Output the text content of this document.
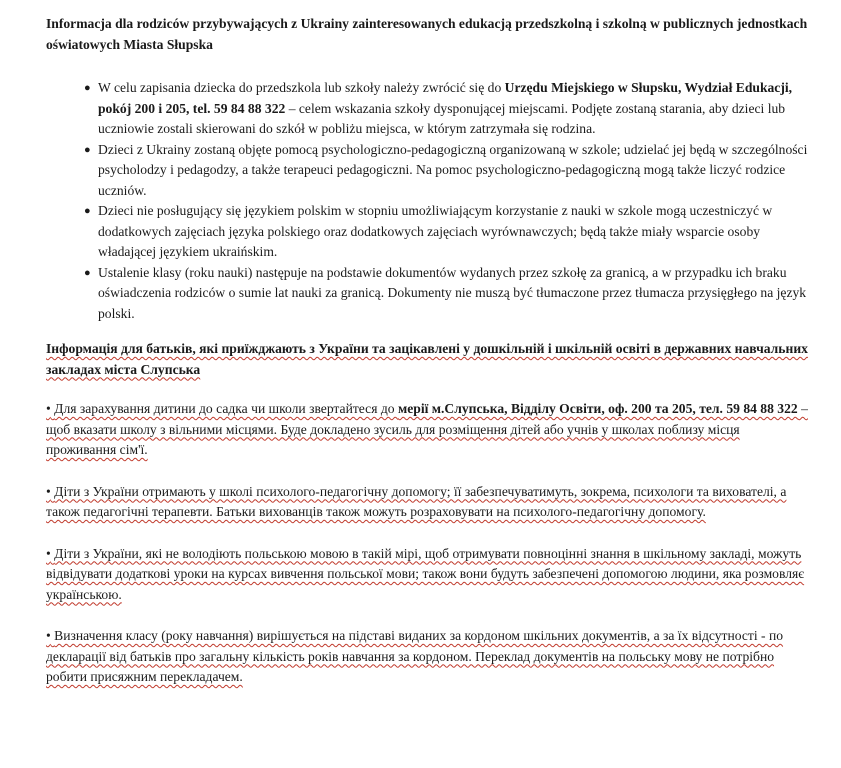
Informacja dla rodziców przybywających z Ukrainy zainteresowanych edukacją przedszkolną i szkolną w publicznych jednostkach oświatowych Miasta Słupska

● W celu zapisania dziecka do przedszkola lub szkoły należy zwrócić się do Urzędu Miejskiego w Słupsku, Wydział Edukacji, pokój 200 i 205, tel. 59 84 88 322 – celem wskazania szkoły dysponującej miejscami. Podjęte zostaną starania, aby dzieci lub uczniowie zostali skierowani do szkół w pobliżu miejsca, w którym zatrzymała się rodzina.
● Dzieci z Ukrainy zostaną objęte pomocą psychologiczno-pedagogiczną organizowaną w szkole; udzielać jej będą w szczególności psycholodzy i pedagodzy, a także terapeuci pedagogiczni. Na pomoc psychologiczno-pedagogiczną mogą także liczyć rodzice uczniów.
● Dzieci nie posługujący się językiem polskim w stopniu umożliwiającym korzystanie z nauki w szkole mogą uczestniczyć w dodatkowych zajęciach języka polskiego oraz dodatkowych zajęciach wyrównawczych; będą także miały wsparcie osoby władającej językiem ukraińskim.
● Ustalenie klasy (roku nauki) następuje na podstawie dokumentów wydanych przez szkołę za granicą, a w przypadku ich braku oświadczenia rodziców o sumie lat nauki za granicą. Dokumenty nie muszą być tłumaczone przez tłumacza przysięgłego na język polski.

Інформація для батьків, які приїжджають з України та зацікавлені у дошкільній і шкільній освіті в державних навчальних закладах міста Слупська

• Для зарахування дитини до садка чи школи звертайтеся до мерії м.Слупська, Відділу Освіти, оф. 200 та 205, тел. 59 84 88 322 – щоб вказати школу з вільними місцями. Буде докладено зусиль для розміщення дітей або учнів у школах поблизу місця проживання сім'ї.

• Діти з України отримають у школі психолого-педагогічну допомогу; її забезпечуватимуть, зокрема, психологи та вихователі, а також педагогічні терапевти. Батьки вихованців також можуть розраховувати на психолого-педагогічну допомогу.

• Діти з України, які не володіють польською мовою в такій мірі, щоб отримувати повноцінні знання в шкільному закладі, можуть відвідувати додаткові уроки на курсах вивчення польської мови; також вони будуть забезпечені допомогою людини, яка розмовляє українською.

• Визначення класу (року навчання) вирішується на підставі виданих за кордоном шкільних документів, а за їх відсутності - по декларації від батьків про загальну кількість років навчання за кордоном. Переклад документів на польську мову не потрібно робити присяжним перекладачем.
